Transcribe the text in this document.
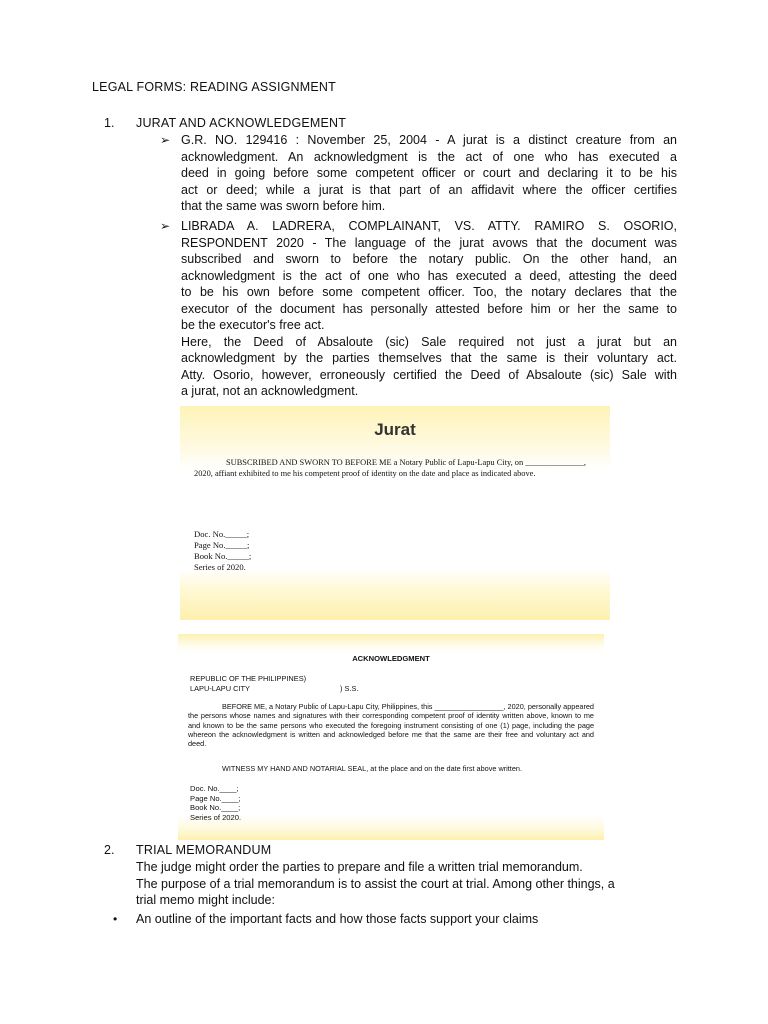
LEGAL FORMS: READING ASSIGNMENT
1. JURAT AND ACKNOWLEDGEMENT
➢ G.R. NO. 129416 : November 25, 2004 - A jurat is a distinct creature from an
acknowledgment. An acknowledgment is the act of one who has executed a
deed in going before some competent officer or court and declaring it to be his
act or deed; while a jurat is that part of an affidavit where the officer certifies
that the same was sworn before him.
➢ LIBRADA A. LADRERA, COMPLAINANT, VS. ATTY. RAMIRO S. OSORIO,
RESPONDENT 2020 - The language of the jurat avows that the document was
subscribed and sworn to before the notary public. On the other hand, an
acknowledgment is the act of one who has executed a deed, attesting the deed
to be his own before some competent officer. Too, the notary declares that the
executor of the document has personally attested before him or her the same to
be the executor's free act.
Here, the Deed of Absaloute (sic) Sale required not just a jurat but an
acknowledgment by the parties themselves that the same is their voluntary act.
Atty. Osorio, however, erroneously certified the Deed of Absaloute (sic) Sale with
a jurat, not an acknowledgment.
Jurat
SUBSCRIBED AND SWORN TO BEFORE ME a Notary Public of Lapu-Lapu City, on ______________, 2020, affiant exhibited to me his competent proof of identity on the date and place as indicated above.
Doc. No._____;
Page No._____;
Book No._____;
Series of 2020.
ACKNOWLEDGMENT
REPUBLIC OF THE PHILIPPINES)
LAPU-LAPU CITY	) S.S.
BEFORE ME, a Notary Public of Lapu-Lapu City, Philippines, this _________________, 2020, personally appeared the persons whose names and signatures with their corresponding competent proof of identity written above, known to me and known to be the same persons who executed the foregoing instrument consisting of one (1) page, including the page whereon the acknowledgment is written and acknowledged before me that the same are their free and voluntary act and deed.
WITNESS MY HAND AND NOTARIAL SEAL, at the place and on the date first above written.
Doc. No.____;
Page No.____;
Book No.____;
Series of 2020.
2. TRIAL MEMORANDUM
The judge might order the parties to prepare and file a written trial memorandum.
The purpose of a trial memorandum is to assist the court at trial. Among other things, a
trial memo might include:
• An outline of the important facts and how those facts support your claims
